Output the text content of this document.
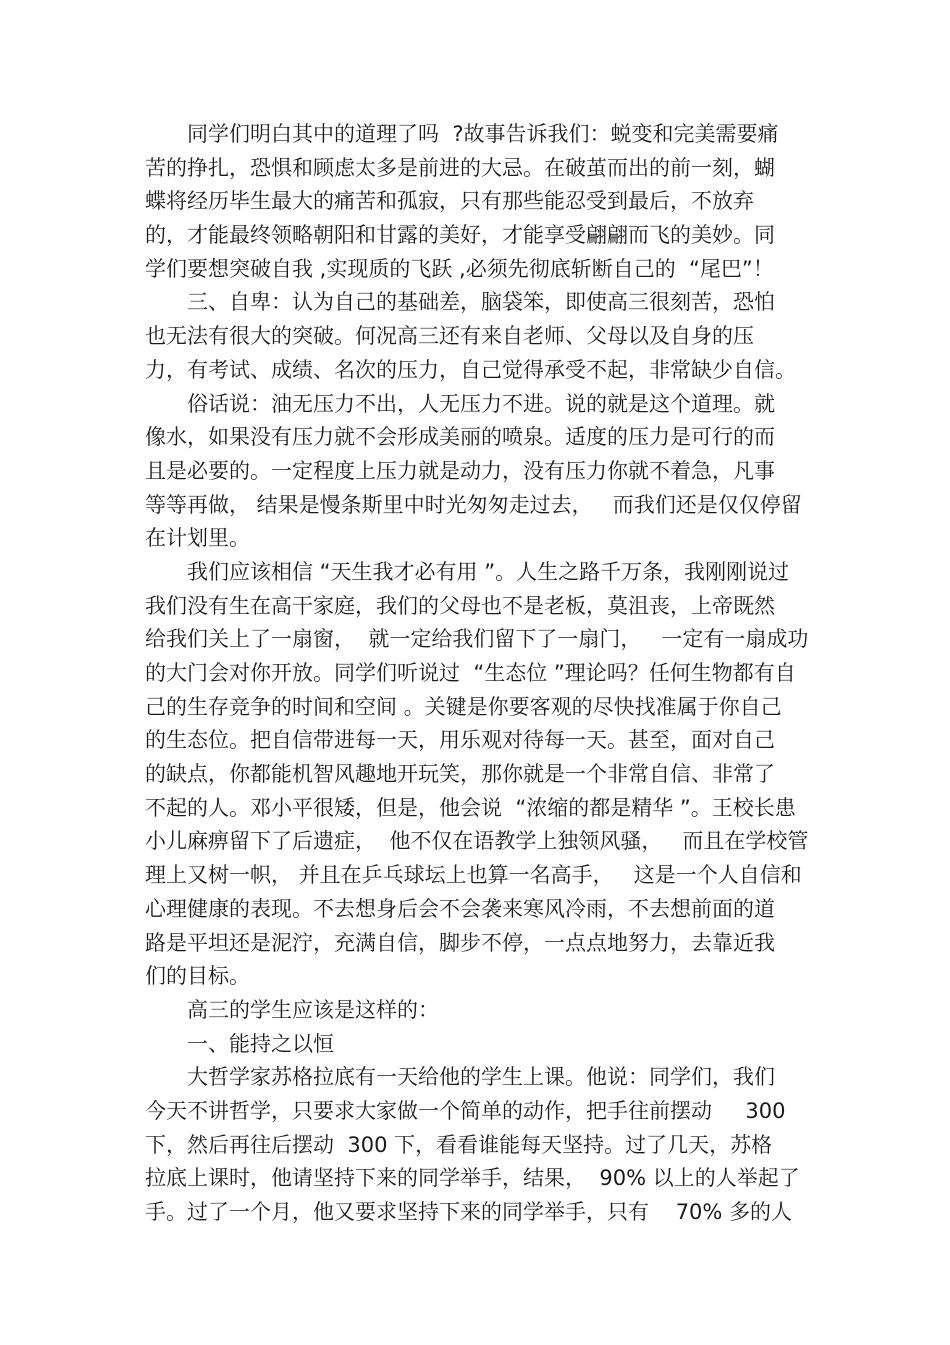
同学们明白其中的道理了吗  ?故事告诉我们：蜕变和完美需要痛
苦的挣扎，恐惧和顾虑太多是前进的大忌。在破茧而出的前一刻，蝴
蝶将经历毕生最大的痛苦和孤寂，只有那些能忍受到最后，不放弃
的，才能最终领略朝阳和甘露的美好，才能享受翩翩而飞的美妙。同
学们要想突破自我 ,实现质的飞跃 ,必须先彻底斩断自己的  “尾巴”！
三、自卑：认为自己的基础差，脑袋笨，即使高三很刻苦，恐怕
也无法有很大的突破。何况高三还有来自老师、父母以及自身的压
力，有考试、成绩、名次的压力，自己觉得承受不起，非常缺少自信。
俗话说：油无压力不出，人无压力不进。说的就是这个道理。就
像水，如果没有压力就不会形成美丽的喷泉。适度的压力是可行的而
且是必要的。一定程度上压力就是动力，没有压力你就不着急，凡事
等等再做， 结果是慢条斯里中时光匆匆走过去，   而我们还是仅仅停留
在计划里。
我们应该相信 “天生我才必有用 ”。人生之路千万条，我刚刚说过
我们没有生在高干家庭，我们的父母也不是老板，莫沮丧，上帝既然
给我们关上了一扇窗，  就一定给我们留下了一扇门，   一定有一扇成功
的大门会对你开放。同学们听说过  “生态位 ”理论吗？任何生物都有自
己的生存竞争的时间和空间 。关键是你要客观的尽快找准属于你自己
的生态位。把自信带进每一天，用乐观对待每一天。甚至，面对自己
的缺点，你都能机智风趣地开玩笑，那你就是一个非常自信、非常了
不起的人。邓小平很矮，但是，他会说  “浓缩的都是精华 ”。王校长患
小儿麻痹留下了后遗症，  他不仅在语教学上独领风骚，   而且在学校管
理上又树一帜， 并且在乒乓球坛上也算一名高手，   这是一个人自信和
心理健康的表现。不去想身后会不会袭来寒风冷雨，不去想前面的道
路是平坦还是泥泞，充满自信，脚步不停，一点点地努力，去靠近我
们的目标。
高三的学生应该是这样的：
一、能持之以恒
大哲学家苏格拉底有一天给他的学生上课。他说：同学们，我们
今天不讲哲学，只要求大家做一个简单的动作，把手往前摆动     300
下，然后再往后摆动  300 下，看看谁能每天坚持。过了几天，苏格
拉底上课时，他请坚持下来的同学举手，结果，  90% 以上的人举起了
手。过了一个月，他又要求坚持下来的同学举手，只有    70% 多的人
